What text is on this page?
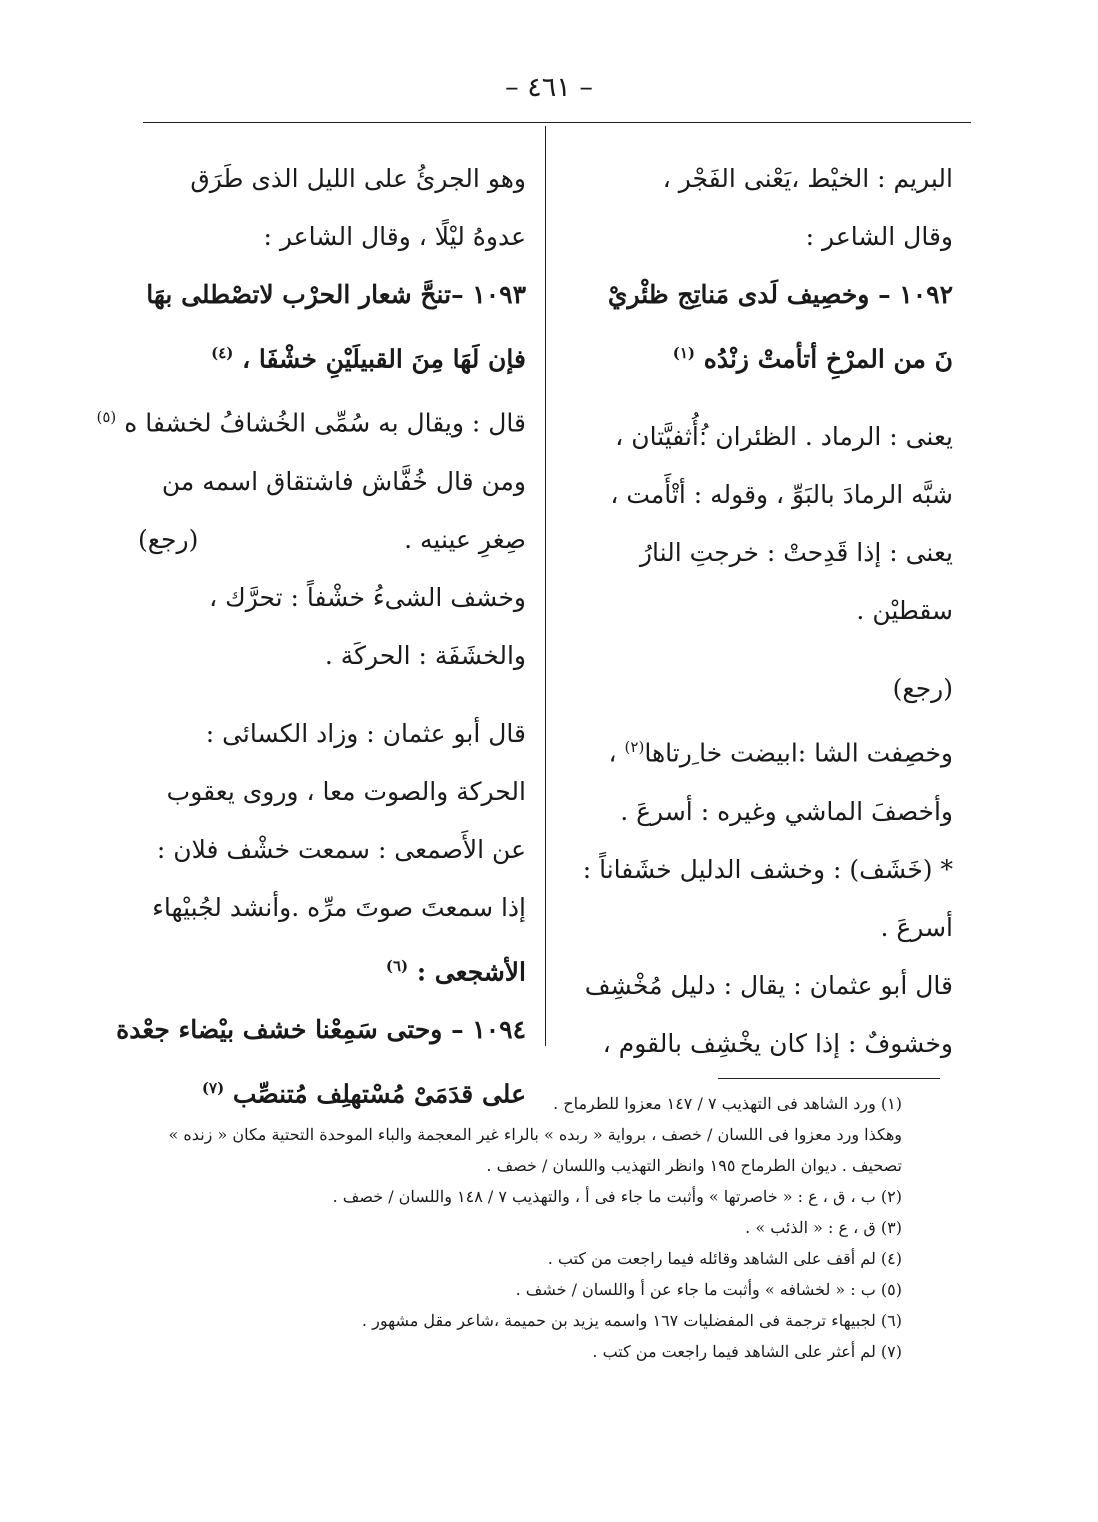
– ٤٦١ –
البريم : الخيْط ،يَعْنى الفَجْر ،
وقال الشاعر :
١٠٩٢ – وخصِيف لَدى مَناتِج ظئْريْ
نَ من المرْخِ أتأمتْ زنْدُه $^{(١)}$
يعنى : الرماد . الظئران :ُأُثفيَّتان ،
شبَّه الرمادَ بالبَوِّ ، وقوله : أتْأَمت ،
يعنى : إذا قَدِحتْ : خرجتِ النارُ
سقطيْن .
(رجع)
وخصِفت الشا :ابيضت خا ِرتاها$^{(٢)}$ ،
وأخصفَ الماشي وغيره : أسرعَ .
* (خَشَف) : وخشف الدليل خشَفاناً :
أسرعَ .
قال أبو عثمان : يقال : دليل مُخْشِف
وخشوفٌ : إذا كان يخْشِف بالقوم ،
وهو الجرئُ على الليل الذى طَرَق
عدوهُ ليْلًا ، وقال الشاعر :
١٠٩٣ –تنحَّ شعار الحرْب لاتصْطلى بهَا
فإن لَهَا مِنَ القبيلَيْنِ خشْفَا ، $^{(٤)}$
قال : ويقال به سُمِّى الخُشافُ لخشفا ه $^{(٥)}$
ومن قال خُفَّاش فاشتقاق اسمه من
صِغرِ عينيه .
(رجع)
وخشف الشىءُ خشْفاً : تحرَّك ،
والخشَفَة : الحركَة .
قال أبو عثمان : وزاد الكسائى :
الحركة والصوت معا ، وروى يعقوب
عن الأَصمعى : سمعت خشْف فلان :
إذا سمعتَ صوتَ مرِّه .وأنشد لجُبيْهاء
الأشجعى : $^{(٦)}$
١٠٩٤ – وحتى سَمِعْنا خشف بيْضاء جعْدة
على قدَمَىْ مُسْتهلِف مُتنصِّب $^{(٧)}$
(١) ورد الشاهد فى التهذيب ٧ / ١٤٧ معزوا للطرماح .
وهكذا ورد معزوا فى اللسان / خصف ، برواية « ربده » بالراء غير المعجمة والباء الموحدة التحتية مكان « زنده »
تصحيف . ديوان الطرماح ١٩٥ وانظر التهذيب واللسان / خصف .
(٢) ب ، ق ، ع : « خاصرتها » وأثبت ما جاء فى أ ، والتهذيب ٧ / ١٤٨ واللسان / خصف .
(٣) ق ، ع : « الذئب » .
(٤) لم أقف على الشاهد وقائله فيما راجعت من كتب .
(٥) ب : « لخشافه » وأثبت ما جاء عن أ واللسان / خشف .
(٦) لجبيهاء ترجمة فى المفضليات ١٦٧ واسمه يزيد بن حميمة ،شاعر مقل مشهور .
(٧) لم أعثر على الشاهد فيما راجعت من كتب .
